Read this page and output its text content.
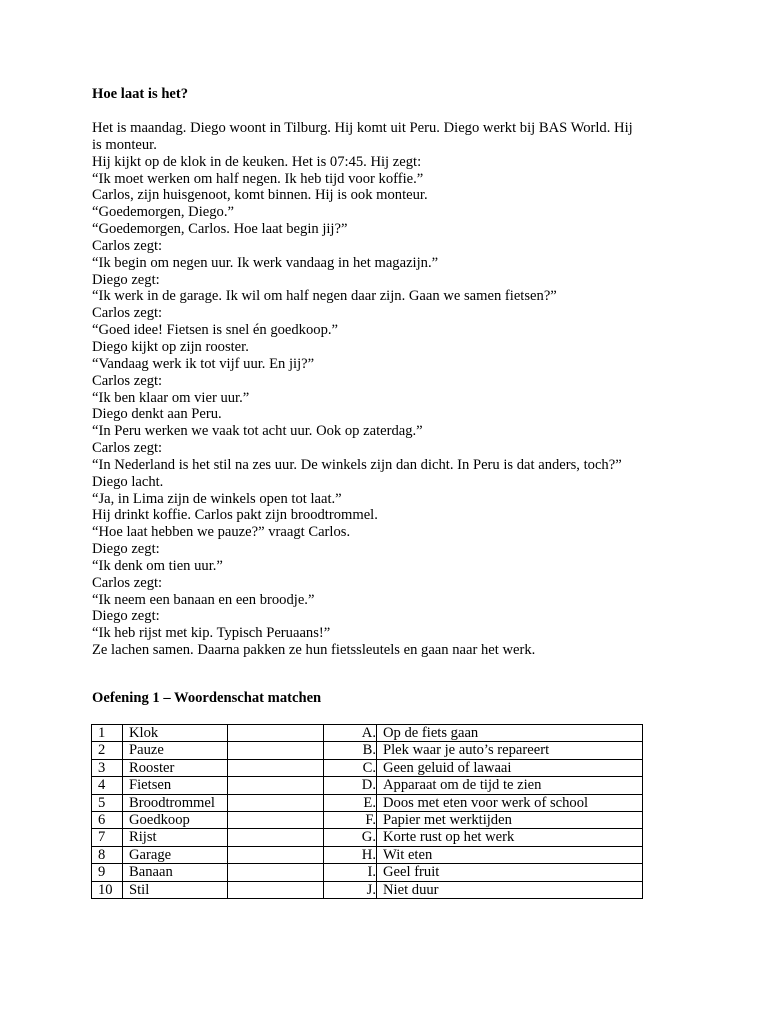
Hoe laat is het?

Het is maandag. Diego woont in Tilburg. Hij komt uit Peru. Diego werkt bij BAS World. Hij
is monteur.
Hij kijkt op de klok in de keuken. Het is 07:45. Hij zegt:
“Ik moet werken om half negen. Ik heb tijd voor koffie.”
Carlos, zijn huisgenoot, komt binnen. Hij is ook monteur.
“Goedemorgen, Diego.”
“Goedemorgen, Carlos. Hoe laat begin jij?”
Carlos zegt:
“Ik begin om negen uur. Ik werk vandaag in het magazijn.”
Diego zegt:
“Ik werk in de garage. Ik wil om half negen daar zijn. Gaan we samen fietsen?”
Carlos zegt:
“Goed idee! Fietsen is snel én goedkoop.”
Diego kijkt op zijn rooster.
“Vandaag werk ik tot vijf uur. En jij?”
Carlos zegt:
“Ik ben klaar om vier uur.”
Diego denkt aan Peru.
“In Peru werken we vaak tot acht uur. Ook op zaterdag.”
Carlos zegt:
“In Nederland is het stil na zes uur. De winkels zijn dan dicht. In Peru is dat anders, toch?”
Diego lacht.
“Ja, in Lima zijn de winkels open tot laat.”
Hij drinkt koffie. Carlos pakt zijn broodtrommel.
“Hoe laat hebben we pauze?” vraagt Carlos.
Diego zegt:
“Ik denk om tien uur.”
Carlos zegt:
“Ik neem een banaan en een broodje.”
Diego zegt:
“Ik heb rijst met kip. Typisch Peruaans!”
Ze lachen samen. Daarna pakken ze hun fietssleutels en gaan naar het werk.
Oefening 1 – Woordenschat matchen
1	Klok		A.	Op de fiets gaan
2	Pauze		B.	Plek waar je auto’s repareert
3	Rooster		C.	Geen geluid of lawaai
4	Fietsen		D.	Apparaat om de tijd te zien
5	Broodtrommel		E.	Doos met eten voor werk of school
6	Goedkoop		F.	Papier met werktijden
7	Rijst		G.	Korte rust op het werk
8	Garage		H.	Wit eten
9	Banaan		I.	Geel fruit
10	Stil		J.	Niet duur
